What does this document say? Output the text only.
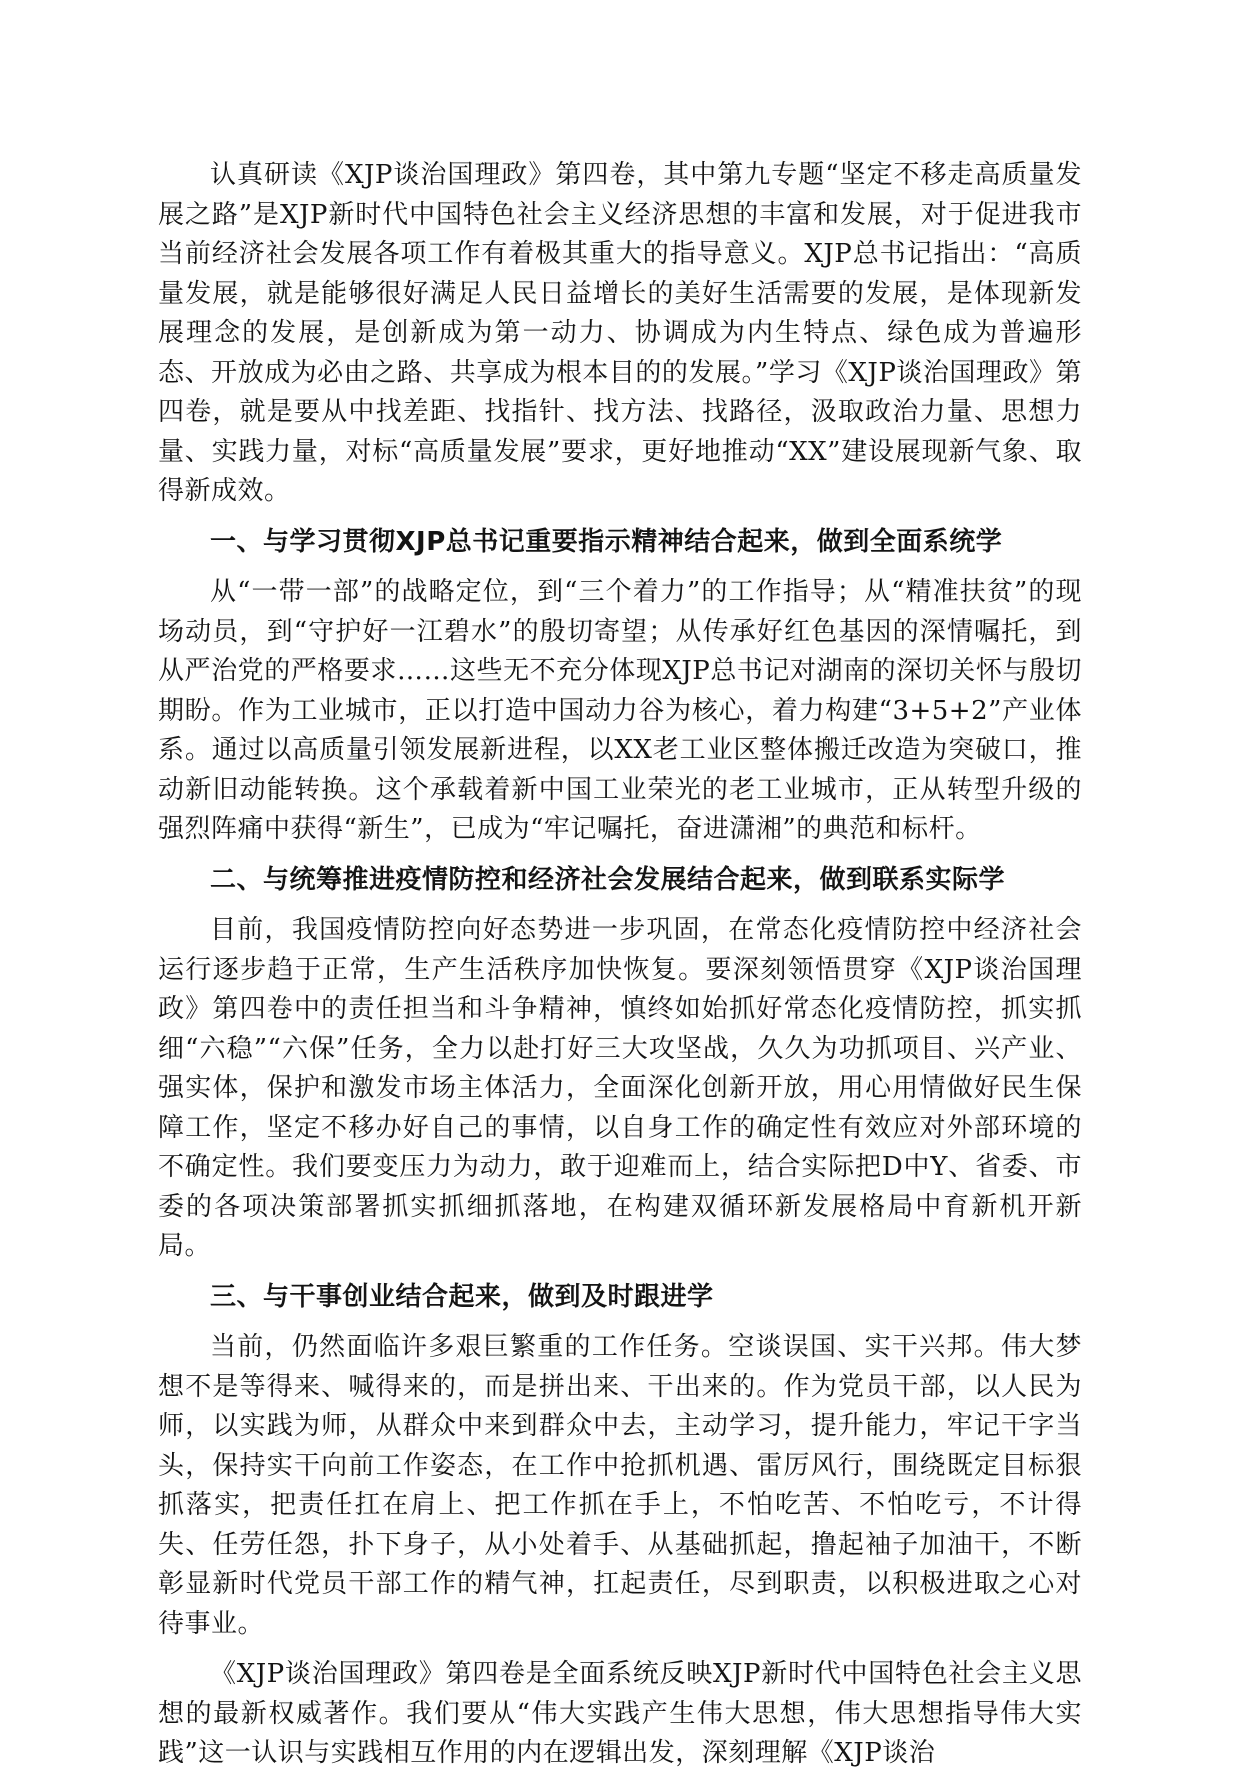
认真研读《XJP谈治国理政》第四卷，其中第九专题“坚定不移走高质量发展之路”是XJP新时代中国特色社会主义经济思想的丰富和发展，对于促进我市当前经济社会发展各项工作有着极其重大的指导意义。XJP总书记指出：“高质量发展，就是能够很好满足人民日益增长的美好生活需要的发展，是体现新发展理念的发展，是创新成为第一动力、协调成为内生特点、绿色成为普遍形态、开放成为必由之路、共享成为根本目的的发展。”学习《XJP谈治国理政》第四卷，就是要从中找差距、找指针、找方法、找路径，汲取政治力量、思想力量、实践力量，对标“高质量发展”要求，更好地推动“XX”建设展现新气象、取得新成效。

一、与学习贯彻XJP总书记重要指示精神结合起来，做到全面系统学

从“一带一部”的战略定位，到“三个着力”的工作指导；从“精准扶贫”的现场动员，到“守护好一江碧水”的殷切寄望；从传承好红色基因的深情嘱托，到从严治党的严格要求……这些无不充分体现XJP总书记对湖南的深切关怀与殷切期盼。作为工业城市，正以打造中国动力谷为核心，着力构建“3+5+2”产业体系。通过以高质量引领发展新进程，以XX老工业区整体搬迁改造为突破口，推动新旧动能转换。这个承载着新中国工业荣光的老工业城市，正从转型升级的强烈阵痛中获得“新生”，已成为“牢记嘱托，奋进潇湘”的典范和标杆。

二、与统筹推进疫情防控和经济社会发展结合起来，做到联系实际学

目前，我国疫情防控向好态势进一步巩固，在常态化疫情防控中经济社会运行逐步趋于正常，生产生活秩序加快恢复。要深刻领悟贯穿《XJP谈治国理政》第四卷中的责任担当和斗争精神，慎终如始抓好常态化疫情防控，抓实抓细“六稳”“六保”任务，全力以赴打好三大攻坚战，久久为功抓项目、兴产业、强实体，保护和激发市场主体活力，全面深化创新开放，用心用情做好民生保障工作，坚定不移办好自己的事情，以自身工作的确定性有效应对外部环境的不确定性。我们要变压力为动力，敢于迎难而上，结合实际把D中Y、省委、市委的各项决策部署抓实抓细抓落地，在构建双循环新发展格局中育新机开新局。

三、与干事创业结合起来，做到及时跟进学

当前，仍然面临许多艰巨繁重的工作任务。空谈误国、实干兴邦。伟大梦想不是等得来、喊得来的，而是拼出来、干出来的。作为党员干部，以人民为师，以实践为师，从群众中来到群众中去，主动学习，提升能力，牢记干字当头，保持实干向前工作姿态，在工作中抢抓机遇、雷厉风行，围绕既定目标狠抓落实，把责任扛在肩上、把工作抓在手上，不怕吃苦、不怕吃亏，不计得失、任劳任怨，扑下身子，从小处着手、从基础抓起，撸起袖子加油干，不断彰显新时代党员干部工作的精气神，扛起责任，尽到职责，以积极进取之心对待事业。

《XJP谈治国理政》第四卷是全面系统反映XJP新时代中国特色社会主义思想的最新权威著作。我们要从“伟大实践产生伟大思想，伟大思想指导伟大实践”这一认识与实践相互作用的内在逻辑出发，深刻理解《XJP谈治
